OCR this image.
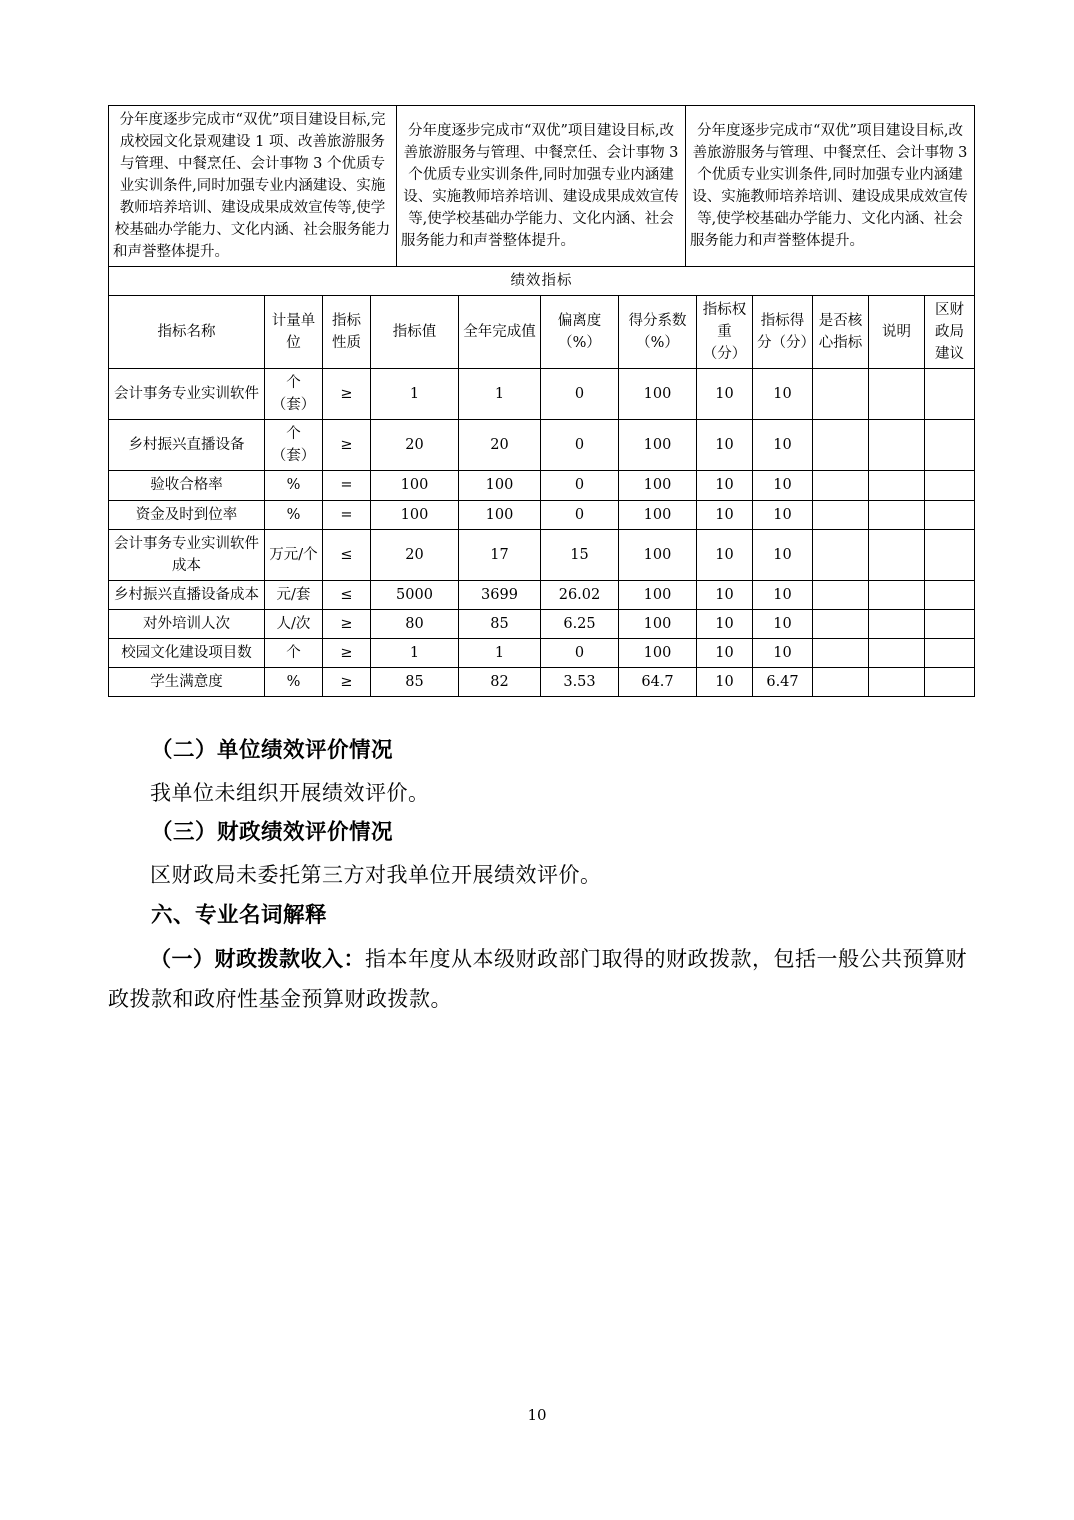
分年度逐步完成市“双优”项目建设目标,完成校园文化景观建设 1 项、改善旅游服务与管理、中餐烹任、会计事物 3 个优质专业实训条件,同时加强专业内涵建设、实施教师培养培训、建设成果成效宣传等,使学校基础办学能力、文化内涵、社会服务能力和声誉整体提升。	分年度逐步完成市“双优”项目建设目标,改善旅游服务与管理、中餐烹任、会计事物 3 个优质专业实训条件,同时加强专业内涵建设、实施教师培养培训、建设成果成效宣传等,使学校基础办学能力、文化内涵、社会服务能力和声誉整体提升。	分年度逐步完成市“双优”项目建设目标,改善旅游服务与管理、中餐烹任、会计事物 3 个优质专业实训条件,同时加强专业内涵建设、实施教师培养培训、建设成果成效宣传等,使学校基础办学能力、文化内涵、社会服务能力和声誉整体提升。
绩效指标
指标名称	计量单位	指标性质	指标值	全年完成值	偏离度（%）	得分系数（%）	指标权重（分）	指标得分（分）	是否核心指标	说明	区财政局建议
会计事务专业实训软件	个（套）	≥	1	1	0	100	10	10			
乡村振兴直播设备	个（套）	≥	20	20	0	100	10	10			
验收合格率	%	=	100	100	0	100	10	10			
资金及时到位率	%	=	100	100	0	100	10	10			
会计事务专业实训软件成本	万元/个	≤	20	17	15	100	10	10			
乡村振兴直播设备成本	元/套	≤	5000	3699	26.02	100	10	10			
对外培训人次	人/次	≥	80	85	6.25	100	10	10			
校园文化建设项目数	个	≥	1	1	0	100	10	10			
学生满意度	%	≥	85	82	3.53	64.7	10	6.47			

（二）单位绩效评价情况

我单位未组织开展绩效评价。

（三）财政绩效评价情况

区财政局未委托第三方对我单位开展绩效评价。

六、专业名词解释

（一）财政拨款收入：指本年度从本级财政部门取得的财政拨款，包括一般公共预算财政拨款和政府性基金预算财政拨款。

10
